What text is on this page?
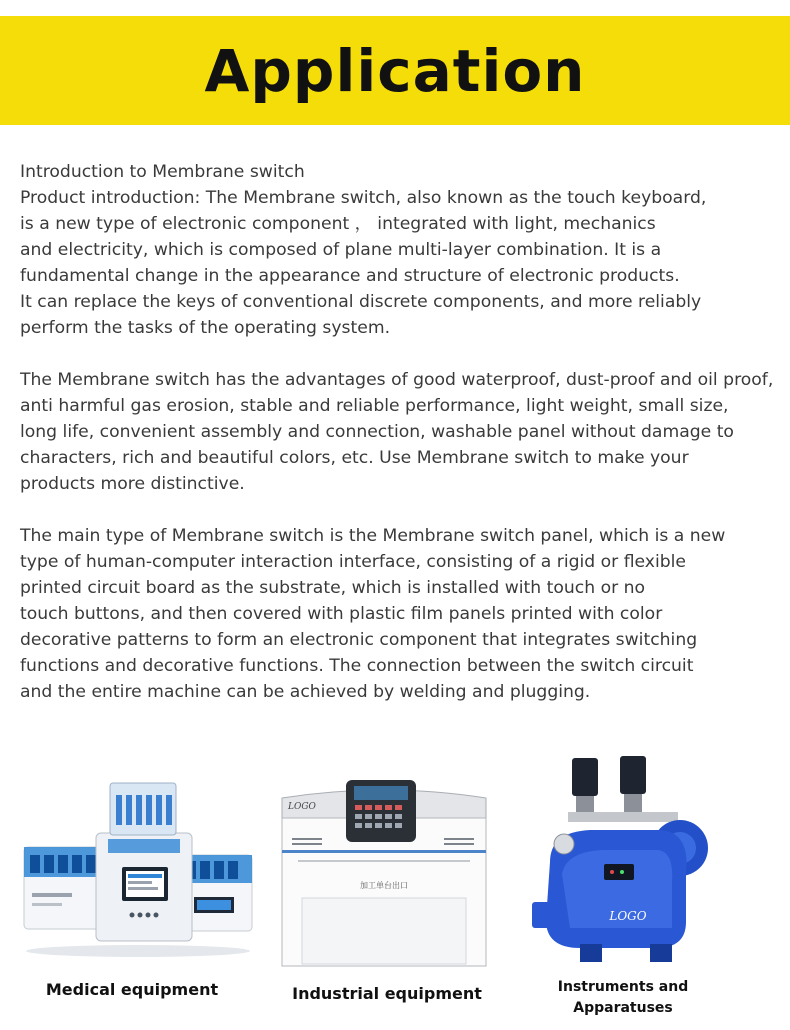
Application
Introduction to Membrane switch
Product introduction: The Membrane switch, also known as the touch keyboard,
is a new type of electronic component ， integrated with light, mechanics
and electricity, which is composed of plane multi-layer combination. It is a
fundamental change in the appearance and structure of electronic products.
It can replace the keys of conventional discrete components, and more reliably
perform the tasks of the operating system.
The Membrane switch has the advantages of good waterproof, dust-proof and oil proof,
anti harmful gas erosion, stable and reliable performance, light weight, small size,
long life, convenient assembly and connection, washable panel without damage to
characters, rich and beautiful colors, etc. Use Membrane switch to make your
products more distinctive.
The main type of Membrane switch is the Membrane switch panel, which is a new
type of human-computer interaction interface, consisting of a rigid or flexible
printed circuit board as the substrate, which is installed with touch or no
touch buttons, and then covered with plastic film panels printed with color
decorative patterns to form an electronic component that integrates switching
functions and decorative functions. The connection between the switch circuit
and the entire machine can be achieved by welding and plugging.
Medical equipment
LOGO
加工单台出口
Industrial equipment
LOGO
Instruments and
Apparatuses
